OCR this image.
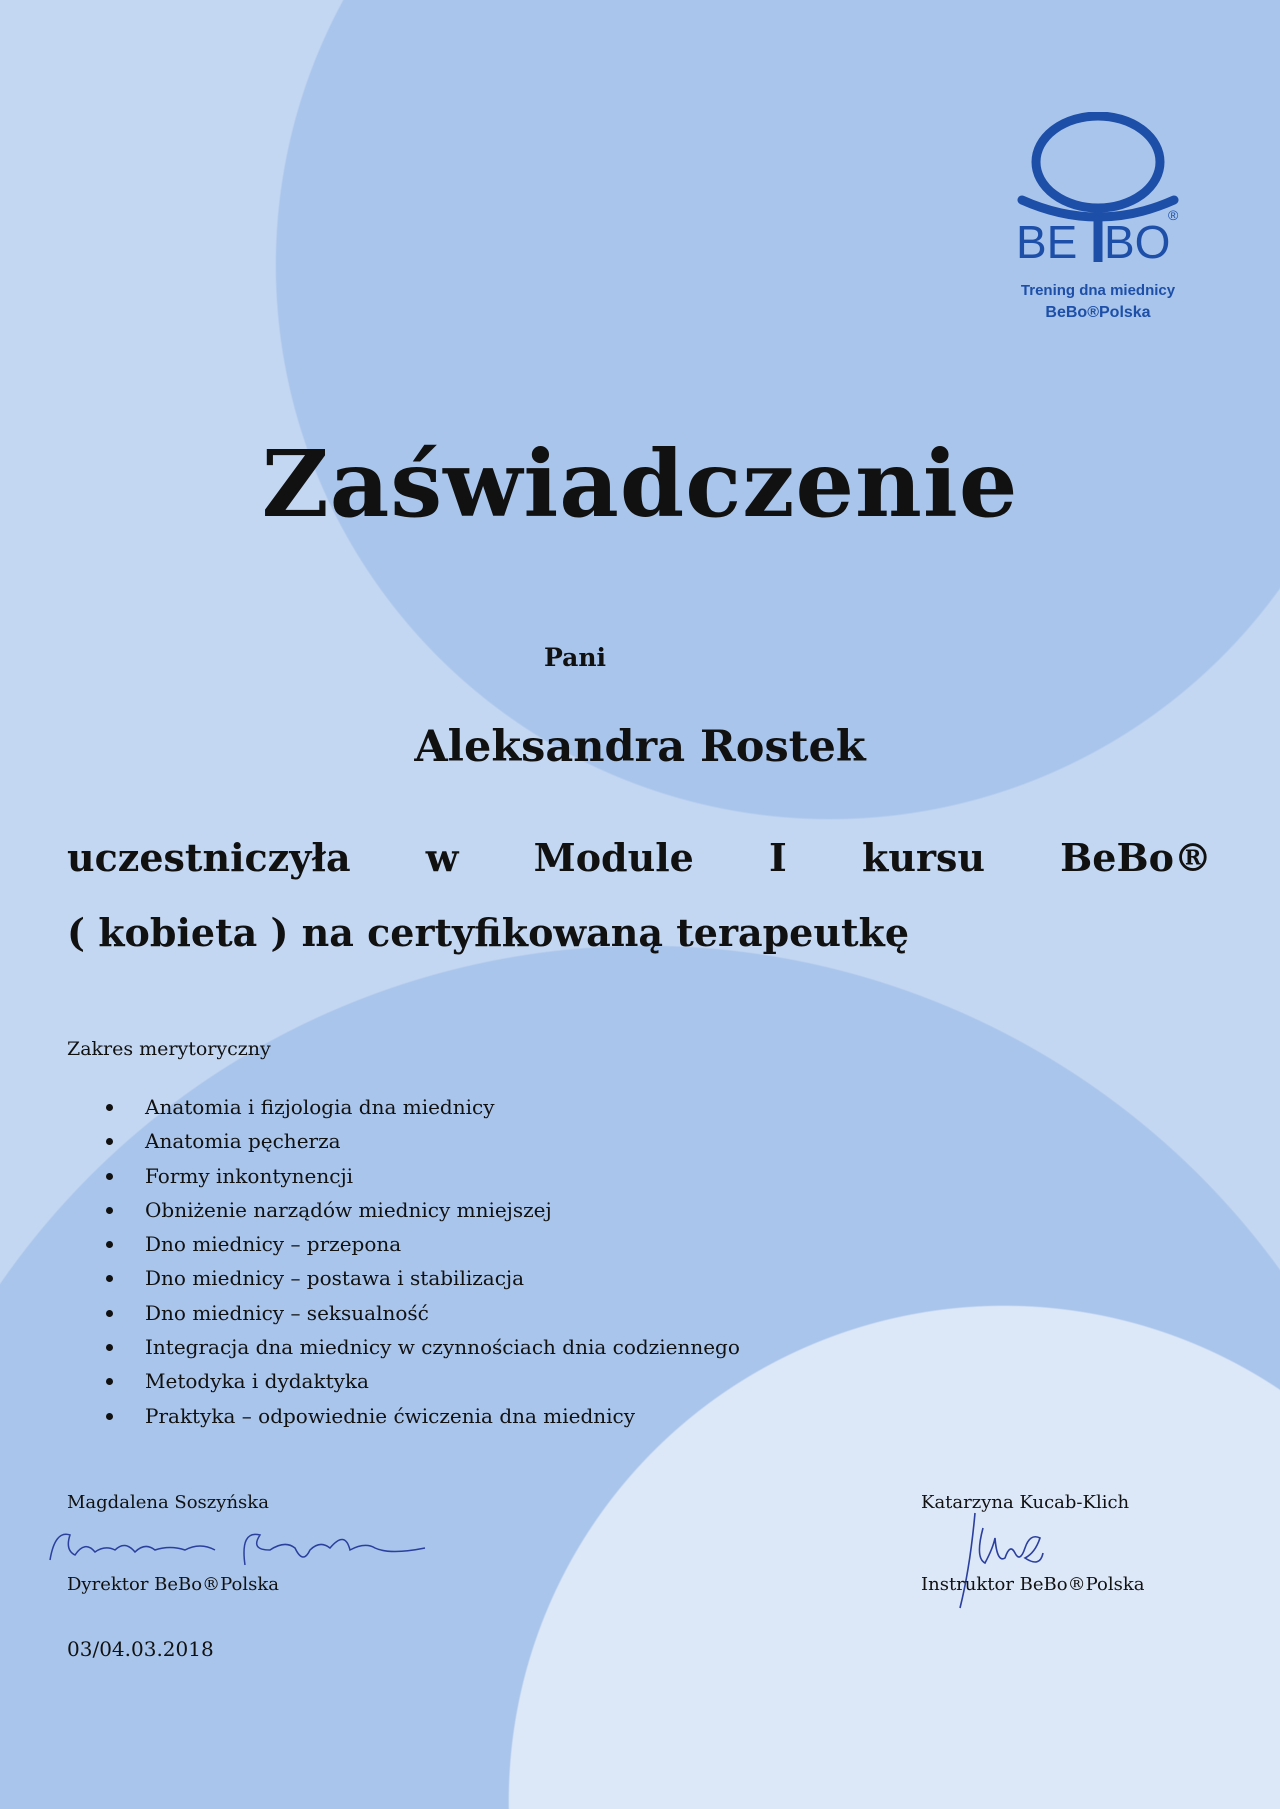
BE BO
®
Trening dna miednicy
BeBo®Polska
Zaświadczenie
Pani
Aleksandra Rostek
uczestniczyła w Module I kursu BeBo®
( kobieta ) na certyfikowaną terapeutkę
Zakres merytoryczny
Anatomia i fizjologia dna miednicy
Anatomia pęcherza
Formy inkontynencji
Obniżenie narządów miednicy mniejszej
Dno miednicy – przepona
Dno miednicy – postawa i stabilizacja
Dno miednicy – seksualność
Integracja dna miednicy w czynnościach dnia codziennego
Metodyka i dydaktyka
Praktyka – odpowiednie ćwiczenia dna miednicy
Magdalena Soszyńska
Dyrektor BeBo®Polska
03/04.03.2018
Katarzyna Kucab-Klich
Instruktor BeBo®Polska
